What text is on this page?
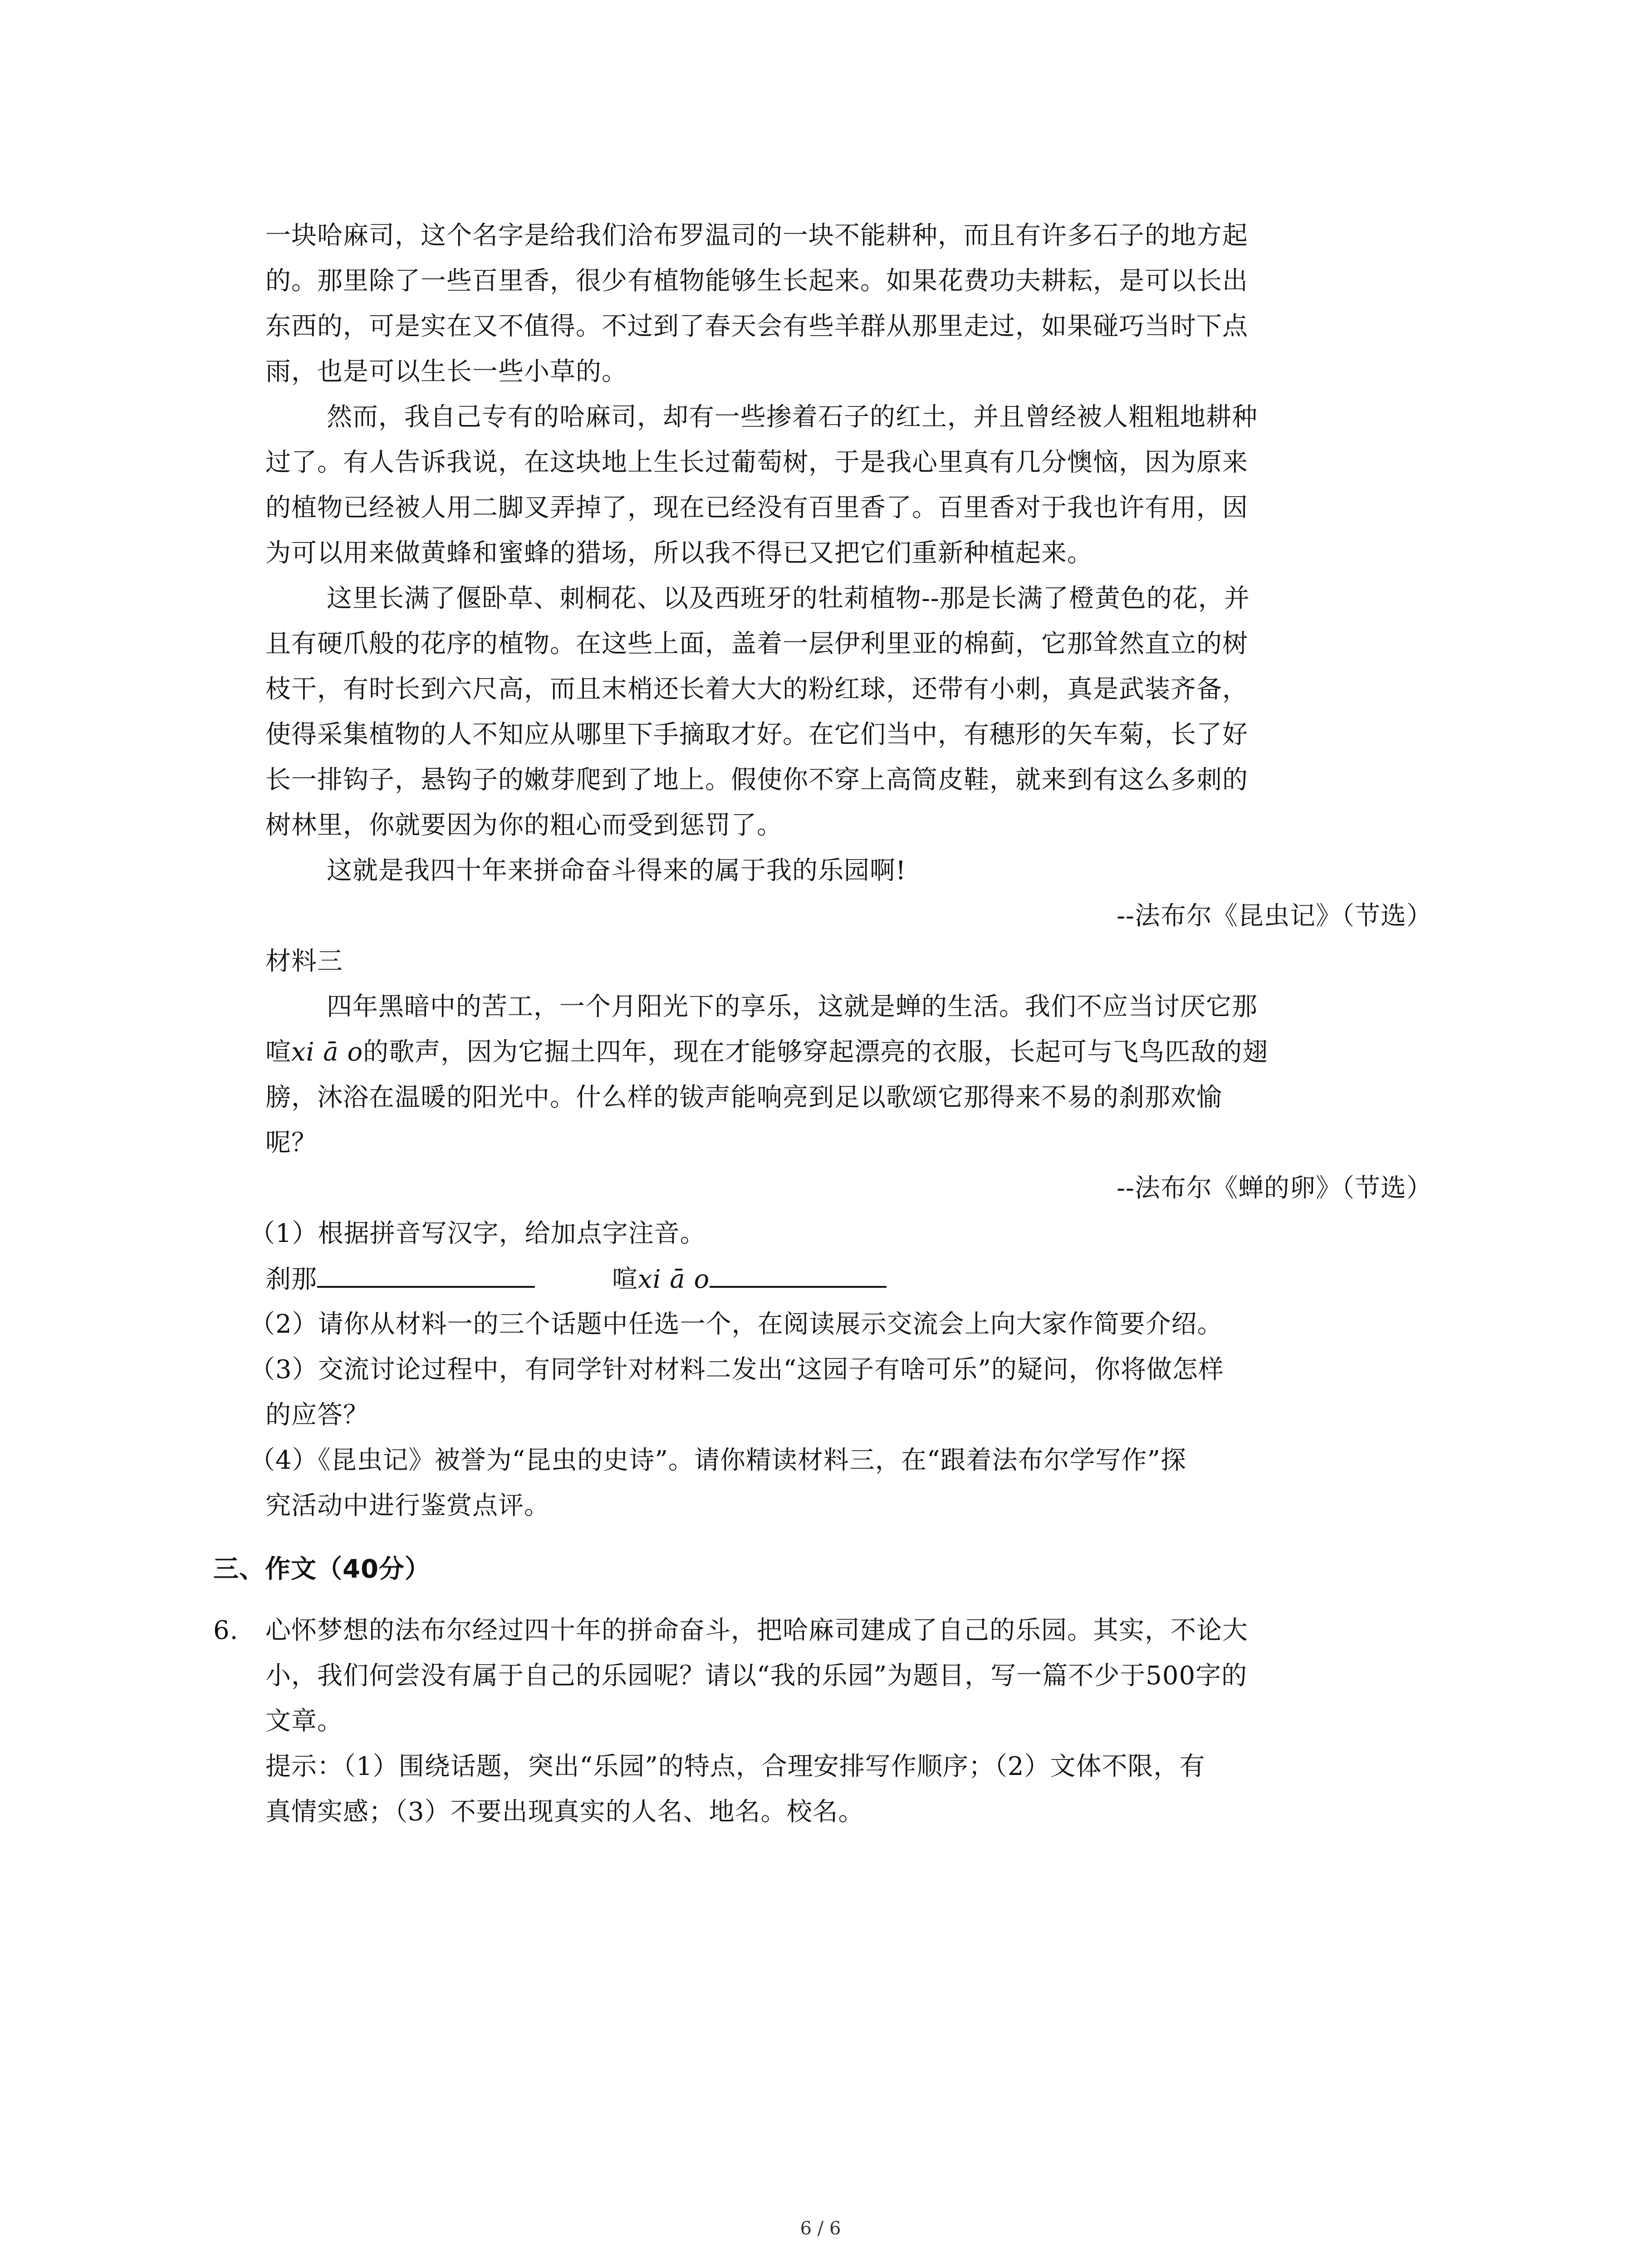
一块哈麻司，这个名字是给我们洽布罗温司的一块不能耕种，而且有许多石子的地方起
的。那里除了一些百里香，很少有植物能够生长起来。如果花费功夫耕耘，是可以长出
东西的，可是实在又不值得。不过到了春天会有些羊群从那里走过，如果碰巧当时下点
雨，也是可以生长一些小草的。
然而，我自己专有的哈麻司，却有一些掺着石子的红土，并且曾经被人粗粗地耕种
过了。有人告诉我说，在这块地上生长过葡萄树，于是我心里真有几分懊恼，因为原来
的植物已经被人用二脚叉弄掉了，现在已经没有百里香了。百里香对于我也许有用，因
为可以用来做黄蜂和蜜蜂的猎场，所以我不得已又把它们重新种植起来。
这里长满了偃卧草、刺桐花、以及西班牙的牡莉植物--那是长满了橙黄色的花，并
且有硬爪般的花序的植物。在这些上面，盖着一层伊利里亚的棉蓟，它那耸然直立的树
枝干，有时长到六尺高，而且末梢还长着大大的粉红球，还带有小刺，真是武装齐备，
使得采集植物的人不知应从哪里下手摘取才好。在它们当中，有穗形的矢车菊，长了好
长一排钩子，悬钩子的嫩芽爬到了地上。假使你不穿上高筒皮鞋，就来到有这么多刺的
树林里，你就要因为你的粗心而受到惩罚了。
这就是我四十年来拼命奋斗得来的属于我的乐园啊!
--法布尔《昆虫记》（节选）
材料三
四年黑暗中的苦工，一个月阳光下的享乐，这就是蝉的生活。我们不应当讨厌它那
喧xi ā o的歌声，因为它掘土四年，现在才能够穿起漂亮的衣服，长起可与飞鸟匹敌的翅
膀，沐浴在温暖的阳光中。什么样的钹声能响亮到足以歌颂它那得来不易的刹那欢愉
呢？
--法布尔《蝉的卵》（节选）
（1）根据拼音写汉字，给加点字注音。
刹那	喧xi ā o
（2）请你从材料一的三个话题中任选一个，在阅读展示交流会上向大家作简要介绍。
（3）交流讨论过程中，有同学针对材料二发出“这园子有啥可乐”的疑问，你将做怎样
的应答？
（4）《昆虫记》被誉为“昆虫的史诗”。请你精读材料三，在“跟着法布尔学写作”探
究活动中进行鉴赏点评。
三、作文（40分）
6. 心怀梦想的法布尔经过四十年的拼命奋斗，把哈麻司建成了自己的乐园。其实，不论大
小，我们何尝没有属于自己的乐园呢？请以“我的乐园”为题目，写一篇不少于500字的
文章。
提示：（1）围绕话题，突出“乐园”的特点，合理安排写作顺序；（2）文体不限，有
真情实感；（3）不要出现真实的人名、地名。校名。
6 / 6
